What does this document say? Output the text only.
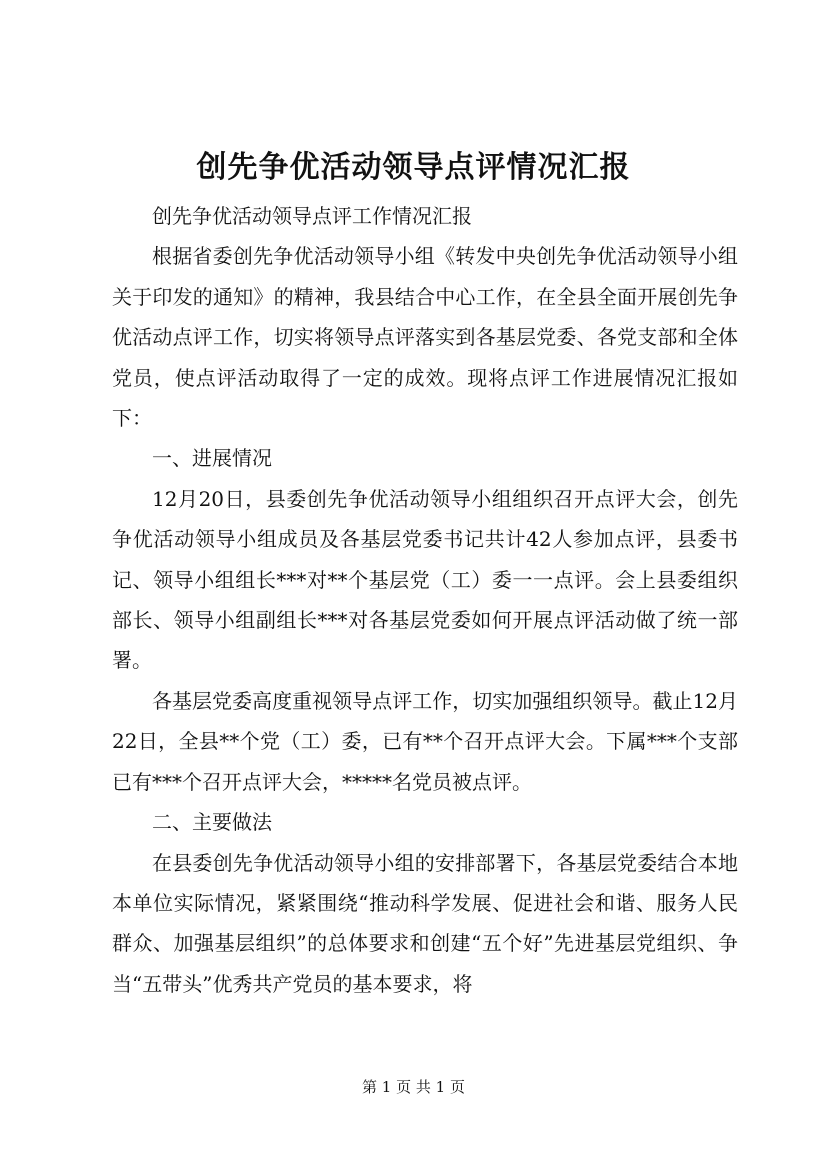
创先争优活动领导点评情况汇报

创先争优活动领导点评工作情况汇报

根据省委创先争优活动领导小组《转发中央创先争优活动领导小组关于印发的通知》的精神，我县结合中心工作，在全县全面开展创先争优活动点评工作，切实将领导点评落实到各基层党委、各党支部和全体党员，使点评活动取得了一定的成效。现将点评工作进展情况汇报如下：

一、进展情况

12月20日，县委创先争优活动领导小组组织召开点评大会，创先争优活动领导小组成员及各基层党委书记共计42人参加点评，县委书记、领导小组组长***对**个基层党（工）委一一点评。会上县委组织部长、领导小组副组长***对各基层党委如何开展点评活动做了统一部署。

各基层党委高度重视领导点评工作，切实加强组织领导。截止12月22日，全县**个党（工）委，已有**个召开点评大会。下属***个支部已有***个召开点评大会，*****名党员被点评。

二、主要做法

在县委创先争优活动领导小组的安排部署下，各基层党委结合本地本单位实际情况，紧紧围绕“推动科学发展、促进社会和谐、服务人民群众、加强基层组织”的总体要求和创建“五个好”先进基层党组织、争当“五带头”优秀共产党员的基本要求，将

第 1 页 共 1 页
